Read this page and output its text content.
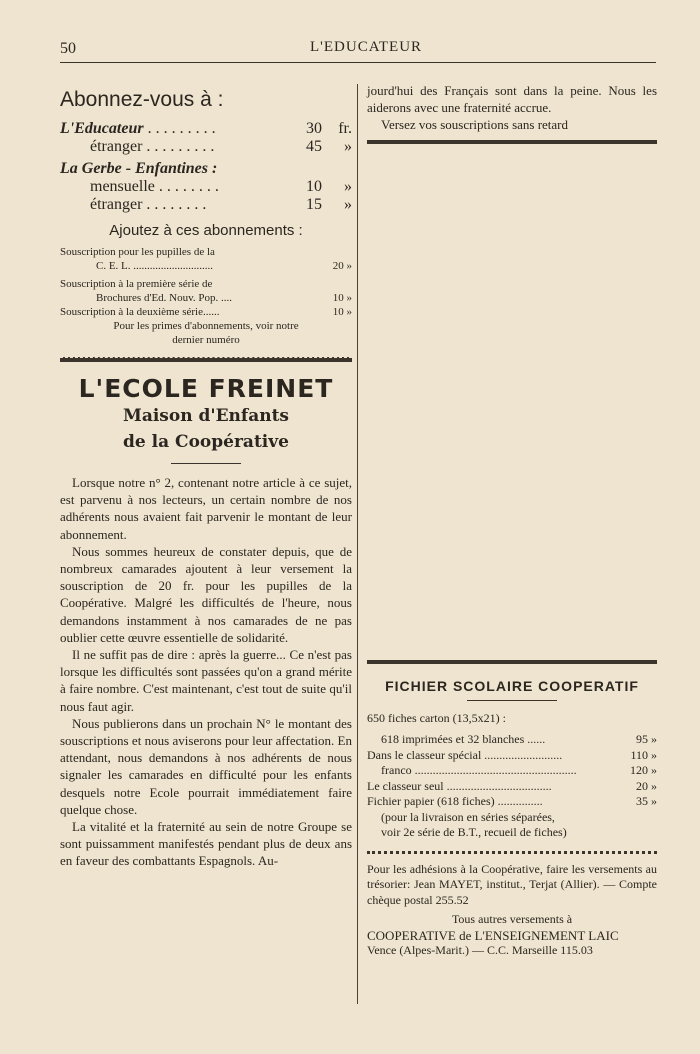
50	L'EDUCATEUR
Abonnez-vous à :
L'Educateur . . . . . . . . .	30 fr.
étranger . . . . . . . . .	45 »
La Gerbe - Enfantines :
mensuelle . . . . . . . .	10 »
étranger . . . . . . . .	15 »
Ajoutez à ces abonnements :
Souscription pour les pupilles de la
C. E. L. .............................	20 »
Souscription à la première série de
Brochures d'Ed. Nouv. Pop. ....	10 »
Souscription à la deuxième série......	10 »
Pour les primes d'abonnements, voir notre
dernier numéro
L'ECOLE FREINET
Maison d'Enfants
de la Coopérative

Lorsque notre n° 2, contenant notre article à ce sujet, est parvenu à nos lecteurs, un certain nombre de nos adhérents nous avaient fait parvenir le montant de leur abonnement.

Nous sommes heureux de constater depuis, que de nombreux camarades ajoutent à leur versement la souscription de 20 fr. pour les pupilles de la Coopérative. Malgré les difficultés de l'heure, nous demandons instamment à nos camarades de ne pas oublier cette œuvre essentielle de solidarité.

Il ne suffit pas de dire : après la guerre... Ce n'est pas lorsque les difficultés sont passées qu'on a grand mérite à faire nombre. C'est maintenant, c'est tout de suite qu'il nous faut agir.

Nous publierons dans un prochain N° le montant des souscriptions et nous aviserons pour leur affectation. En attendant, nous demandons à nos adhérents de nous signaler les camarades en difficulté pour les enfants desquels notre Ecole pourrait immédiatement faire quelque chose.

La vitalité et la fraternité au sein de notre Groupe se sont puissamment manifestés pendant plus de deux ans en faveur des combattants Espagnols. Au-

jourd'hui des Français sont dans la peine. Nous les aiderons avec une fraternité accrue.

Versez vos souscriptions sans retard

FICHIER SCOLAIRE COOPERATIF
650 fiches carton (13,5x21) :
618 imprimées et 32 blanches ......	95 »
Dans le classeur spécial ..........................	110 »
franco ......................................................	120 »
Le classeur seul ...................................	20 »
Fichier papier (618 fiches) ...............	35 »
(pour la livraison en séries séparées,
voir 2e série de B.T., recueil de fiches)
Pour les adhésions à la Coopérative, faire les versements au trésorier: Jean MAYET, institut., Terjat (Allier). — Compte chèque postal 255.52
Tous autres versements à
COOPERATIVE de L'ENSEIGNEMENT LAIC
Vence (Alpes-Marit.) — C.C. Marseille 115.03
